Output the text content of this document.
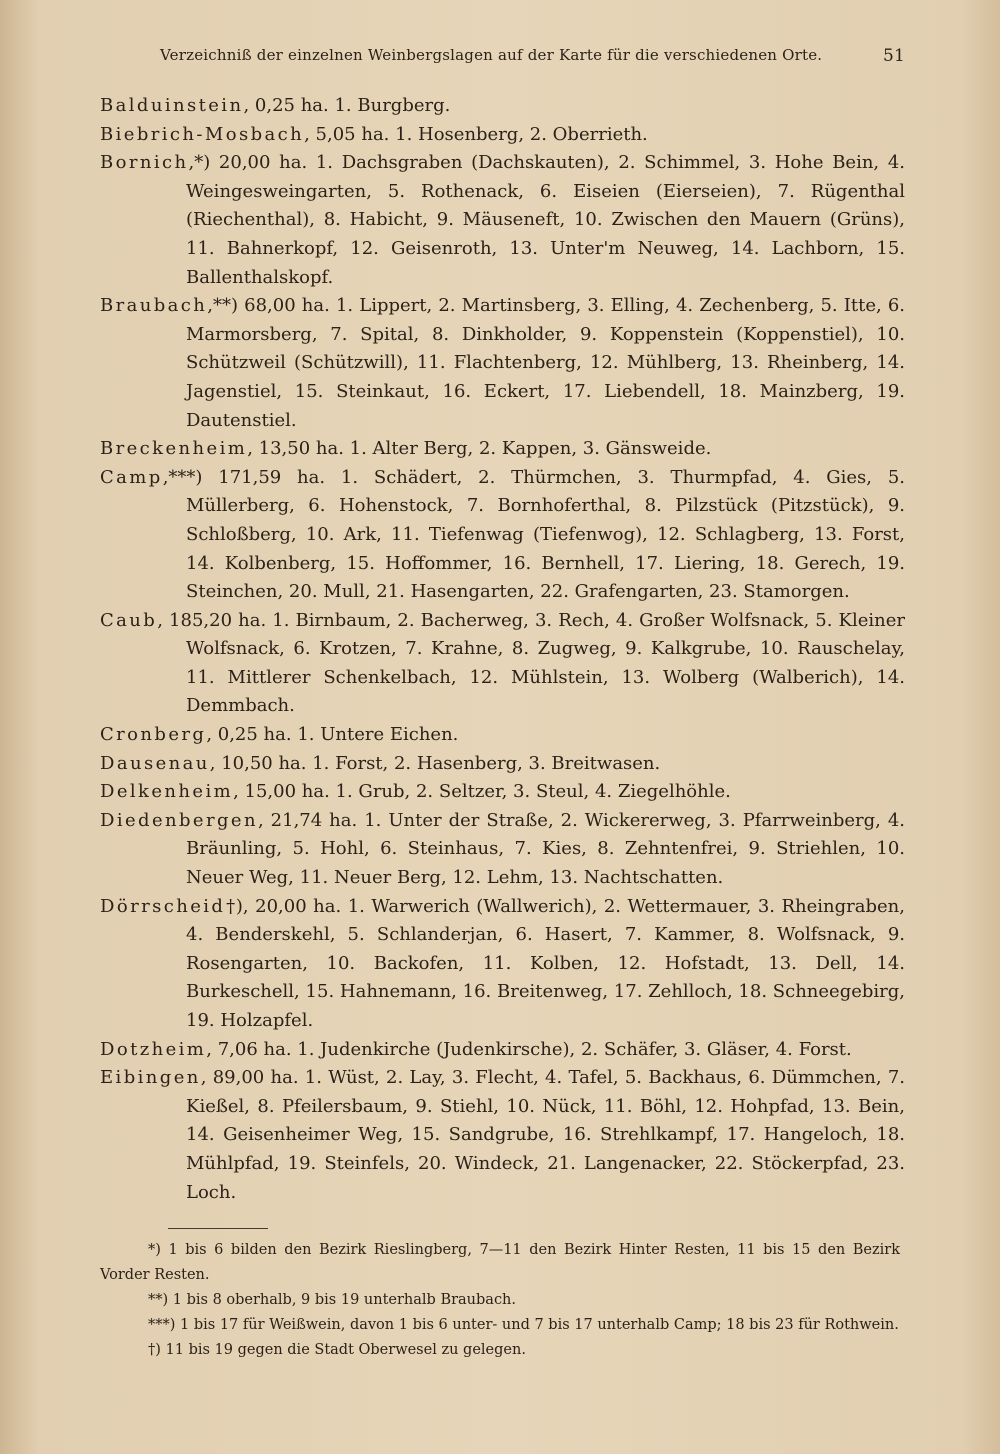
Verzeichniß der einzelnen Weinbergslagen auf der Karte für die verschiedenen Orte.	51

Balduinstein, 0,25 ha. 1. Burgberg.

Biebrich-Mosbach, 5,05 ha. 1. Hosenberg, 2. Oberrieth.

Bornich,*) 20,00 ha. 1. Dachsgraben (Dachskauten), 2. Schimmel, 3. Hohe Bein, 4. Weingesweingarten, 5. Rothenack, 6. Eiseien (Eierseien), 7. Rügenthal (Riechenthal), 8. Habicht, 9. Mäuseneft, 10. Zwischen den Mauern (Grüns), 11. Bahnerkopf, 12. Geisenroth, 13. Unter'm Neuweg, 14. Lachborn, 15. Ballenthalskopf.

Braubach,**) 68,00 ha. 1. Lippert, 2. Martinsberg, 3. Elling, 4. Zechenberg, 5. Itte, 6. Marmorsberg, 7. Spital, 8. Dinkholder, 9. Koppenstein (Koppenstiel), 10. Schützweil (Schützwill), 11. Flachtenberg, 12. Mühlberg, 13. Rheinberg, 14. Jagenstiel, 15. Steinkaut, 16. Eckert, 17. Liebendell, 18. Mainzberg, 19. Dautenstiel.

Breckenheim, 13,50 ha. 1. Alter Berg, 2. Kappen, 3. Gänsweide.

Camp,***) 171,59 ha. 1. Schädert, 2. Thürmchen, 3. Thurmpfad, 4. Gies, 5. Müllerberg, 6. Hohenstock, 7. Bornhoferthal, 8. Pilzstück (Pitzstück), 9. Schloßberg, 10. Ark, 11. Tiefenwag (Tiefenwog), 12. Schlagberg, 13. Forst, 14. Kolbenberg, 15. Hoffommer, 16. Bernhell, 17. Liering, 18. Gerech, 19. Steinchen, 20. Mull, 21. Hasengarten, 22. Grafengarten, 23. Stamorgen.

Caub, 185,20 ha. 1. Birnbaum, 2. Bacherweg, 3. Rech, 4. Großer Wolfsnack, 5. Kleiner Wolfsnack, 6. Krotzen, 7. Krahne, 8. Zugweg, 9. Kalkgrube, 10. Rauschelay, 11. Mittlerer Schenkelbach, 12. Mühlstein, 13. Wolberg (Walberich), 14. Demmbach.

Cronberg, 0,25 ha. 1. Untere Eichen.

Dausenau, 10,50 ha. 1. Forst, 2. Hasenberg, 3. Breitwasen.

Delkenheim, 15,00 ha. 1. Grub, 2. Seltzer, 3. Steul, 4. Ziegelhöhle.

Diedenbergen, 21,74 ha. 1. Unter der Straße, 2. Wickererweg, 3. Pfarrweinberg, 4. Bräunling, 5. Hohl, 6. Steinhaus, 7. Kies, 8. Zehntenfrei, 9. Striehlen, 10. Neuer Weg, 11. Neuer Berg, 12. Lehm, 13. Nachtschatten.

Dörrscheid†), 20,00 ha. 1. Warwerich (Wallwerich), 2. Wettermauer, 3. Rheingraben, 4. Benderskehl, 5. Schlanderjan, 6. Hasert, 7. Kammer, 8. Wolfsnack, 9. Rosengarten, 10. Backofen, 11. Kolben, 12. Hofstadt, 13. Dell, 14. Burkeschell, 15. Hahnemann, 16. Breitenweg, 17. Zehlloch, 18. Schneegebirg, 19. Holzapfel.

Dotzheim, 7,06 ha. 1. Judenkirche (Judenkirsche), 2. Schäfer, 3. Gläser, 4. Forst.

Eibingen, 89,00 ha. 1. Wüst, 2. Lay, 3. Flecht, 4. Tafel, 5. Backhaus, 6. Dümmchen, 7. Kießel, 8. Pfeilersbaum, 9. Stiehl, 10. Nück, 11. Böhl, 12. Hohpfad, 13. Bein, 14. Geisenheimer Weg, 15. Sandgrube, 16. Strehlkampf, 17. Hangeloch, 18. Mühlpfad, 19. Steinfels, 20. Windeck, 21. Langenacker, 22. Stöckerpfad, 23. Loch.

*) 1 bis 6 bilden den Bezirk Rieslingberg, 7—11 den Bezirk Hinter Resten, 11 bis 15 den Bezirk Vorder Resten.

**) 1 bis 8 oberhalb, 9 bis 19 unterhalb Braubach.

***) 1 bis 17 für Weißwein, davon 1 bis 6 unter- und 7 bis 17 unterhalb Camp; 18 bis 23 für Rothwein.

†) 11 bis 19 gegen die Stadt Oberwesel zu gelegen.
